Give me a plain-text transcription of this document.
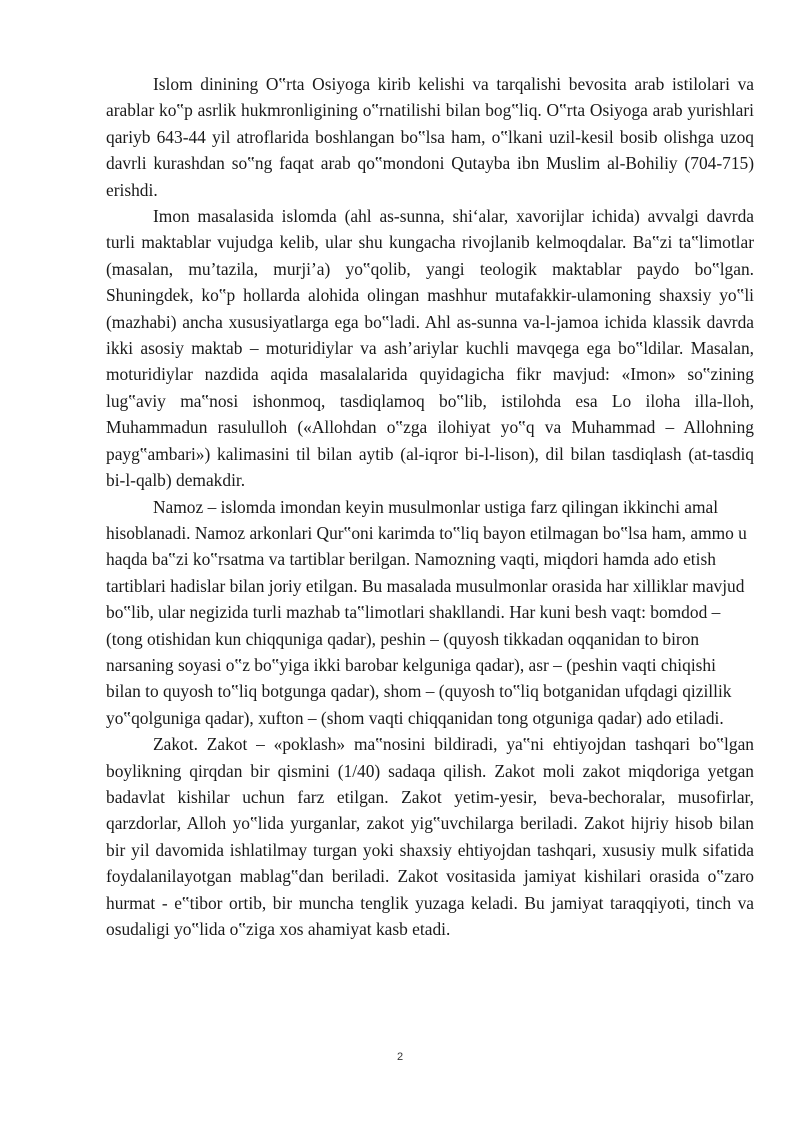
Islom dinining O‟rta Osiyoga kirib kelishi va tarqalishi bevosita arab istilolari va arablar ko‟p asrlik hukmronligining o‟rnatilishi bilan bog‟liq. O‟rta Osiyoga arab yurishlari qariyb 643-44 yil atroflarida boshlangan bo‟lsa ham, o‟lkani uzil-kesil bosib olishga uzoq davrli kurashdan so‟ng faqat arab qo‟mondoni Qutayba ibn Muslim al-Bohiliy (704-715) erishdi.

Imon masalasida islomda (ahl as-sunna, shi‘alar, xavorijlar ichida) avvalgi davrda turli maktablar vujudga kelib, ular shu kungacha rivojlanib kelmoqdalar. Ba‟zi ta‟limotlar (masalan, mu’tazila, murji’a) yo‟qolib, yangi teologik maktablar paydo bo‟lgan. Shuningdek, ko‟p hollarda alohida olingan mashhur mutafakkir-ulamoning shaxsiy yo‟li (mazhabi) ancha xususiyatlarga ega bo‟ladi. Ahl as-sunna va-l-jamoa ichida klassik davrda ikki asosiy maktab – moturidiylar va ash’ariylar kuchli mavqega ega bo‟ldilar. Masalan, moturidiylar nazdida aqida masalalarida quyidagicha fikr mavjud: «Imon» so‟zining lug‟aviy ma‟nosi ishonmoq, tasdiqlamoq bo‟lib, istilohda esa Lo iloha illa-lloh, Muhammadun rasululloh («Allohdan o‟zga ilohiyat yo‟q va Muhammad – Allohning payg‟ambari») kalimasini til bilan aytib (al-iqror bi-l-lison), dil bilan tasdiqlash (at-tasdiq bi-l-qalb) demakdir.

Namoz – islomda imondan keyin musulmonlar ustiga farz qilingan ikkinchi amal hisoblanadi. Namoz arkonlari Qur‟oni karimda to‟liq bayon etilmagan bo‟lsa ham, ammo u haqda ba‟zi ko‟rsatma va tartiblar berilgan. Namozning vaqti, miqdori hamda ado etish tartiblari hadislar bilan joriy etilgan. Bu masalada musulmonlar orasida har xilliklar mavjud bo‟lib, ular negizida turli mazhab ta‟limotlari shakllandi. Har kuni besh vaqt: bomdod – (tong otishidan kun chiqquniga qadar), peshin – (quyosh tikkadan oqqanidan to biron narsaning soyasi o‟z bo‟yiga ikki barobar kelguniga qadar), asr – (peshin vaqti chiqishi bilan to quyosh to‟liq botgunga qadar), shom – (quyosh to‟liq botganidan ufqdagi qizillik yo‟qolguniga qadar), xufton – (shom vaqti chiqqanidan tong otguniga qadar) ado etiladi.

Zakot. Zakot – «poklash» ma‟nosini bildiradi, ya‟ni ehtiyojdan tashqari bo‟lgan boylikning qirqdan bir qismini (1/40) sadaqa qilish. Zakot moli zakot miqdoriga yetgan badavlat kishilar uchun farz etilgan. Zakot yetim-yesir, beva-bechoralar, musofirlar, qarzdorlar, Alloh yo‟lida yurganlar, zakot yig‟uvchilarga beriladi. Zakot hijriy hisob bilan bir yil davomida ishlatilmay turgan yoki shaxsiy ehtiyojdan tashqari, xususiy mulk sifatida foydalanilayotgan mablag‟dan beriladi. Zakot vositasida jamiyat kishilari orasida o‟zaro hurmat - e‟tibor ortib, bir muncha tenglik yuzaga keladi. Bu jamiyat taraqqiyoti, tinch va osudaligi yo‟lida o‟ziga xos ahamiyat kasb etadi.

2
